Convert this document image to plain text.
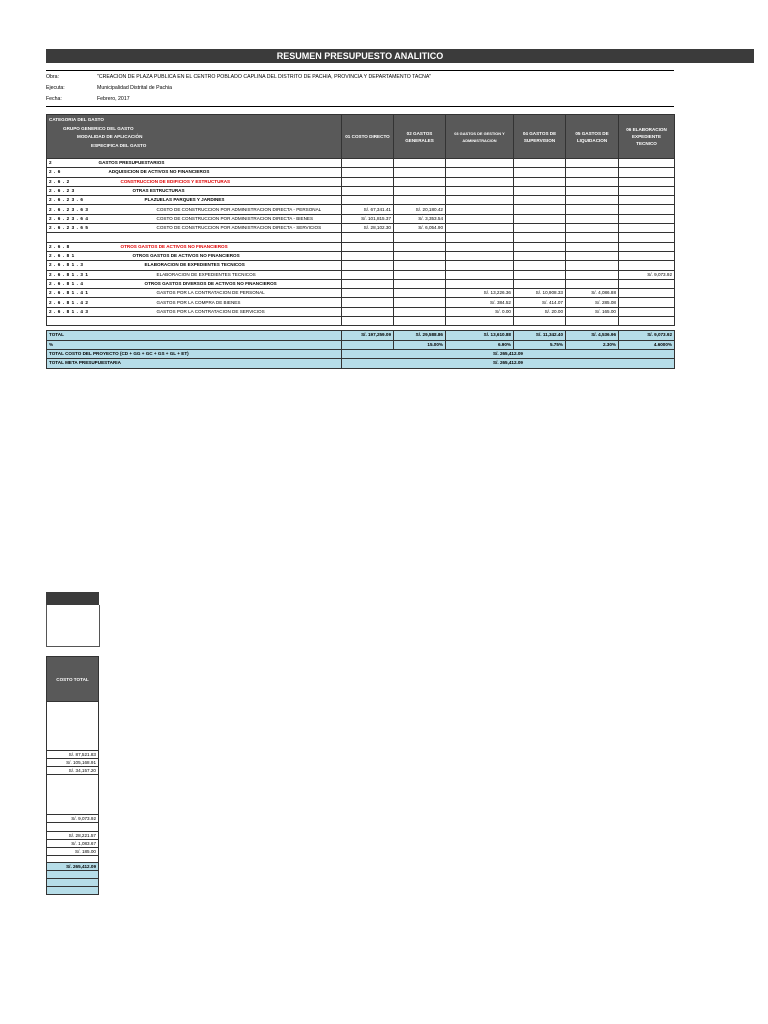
RESUMEN PRESUPUESTO ANALITICO
Obra:	"CREACION DE PLAZA PUBLICA EN EL CENTRO POBLADO CAPLINA DEL DISTRITO DE PACHIA, PROVINCIA Y DEPARTAMENTO TACNA"
Ejecuta:	Municipalidad Distrital de Pachia
Fecha:	Febrero, 2017
CATEGORIA DEL GASTO
GRUPO GENERICO DEL GASTO
MODALIDAD DE APLICACIÓN
ESPECIFICA DEL GASTO		01 COSTO DIRECTO	02 GASTOS GENERALES	03 GASTOS DE GESTION Y ADMINISTRACION	04 GASTOS DE SUPERVISION	05 GASTOS DE LIQUIDACION	06 ELABORACION EXPEDIENTE TECNICO
2	GASTOS PRESUPUESTARIOS						
2 . 6	ADQUISICION DE ACTIVOS NO FINANCIEROS						
2 . 6 . 2	CONSTRUCCION DE EDIFICIOS Y ESTRUCTURAS						
2 . 6 . 2 3	OTRAS ESTRUCTURAS						
2 . 6 . 2 3 . 6	PLAZUELAS PARQUES Y JARDINES						
2 . 6 . 2 3 . 6 3	COSTO DE CONSTRUCCION POR ADMINISTRACION DIRECTA - PERSONAL	S/. 67,341.41	S/. 20,180.42				
2 . 6 . 2 3 . 6 4	COSTO DE CONSTRUCCION POR ADMINISTRACION DIRECTA - BIENES	S/. 101,815.37	S/. 3,353.54				
2 . 6 . 2 3 . 6 5	COSTO DE CONSTRUCCION POR ADMINISTRACION DIRECTA - SERVICIOS	S/. 28,102.30	S/. 6,054.90				

2 . 6 . 8	OTROS GASTOS DE ACTIVOS NO FINANCIEROS						
2 . 6 . 8 1	OTROS GASTOS DE ACTIVOS NO FINANCIEROS						
2 . 6 . 8 1 . 3	ELABORACION DE EXPEDIENTES TECNICOS						
2 . 6 . 8 1 . 3 1	ELABORACION DE EXPEDIENTES TECNICOS						S/. 9,073.92
2 . 6 . 8 1 . 4	OTROS GASTOS DIVERSOS DE ACTIVOS NO FINANCIEROS						
2 . 6 . 8 1 . 4 1	GASTOS POR LA CONTRATACION DE PERSONAL			S/. 13,226.36	S/. 10,908.33	S/. 4,086.88	
2 . 6 . 8 1 . 4 2	GASTOS POR LA COMPRA DE BIENES			S/. 384.52	S/. 414.07	S/. 285.08	
2 . 6 . 8 1 . 4 3	GASTOS POR LA CONTRATACION DE SERVICIOS			S/. 0.00	S/. 20.00	S/. 165.00	

TOTAL		S/. 197,259.09	S/. 29,588.86	S/. 13,610.88	S/. 11,342.40	S/. 4,536.96	S/. 9,073.92
%			15.00%	6.90%	5.75%	2.30%	4.6000%
TOTAL COSTO DEL PROYECTO (CD + GG + GC + GS + GL + ET)		S/. 265,412.09					
TOTAL META PRESUPUESTARIA		S/. 265,412.09					
COSTO TOTAL

S/. 87,521.83
S/. 105,168.91
S/. 34,157.20

S/. 9,073.92

S/. 28,221.57
S/. 1,083.67
S/. 185.00

S/. 265,412.09
